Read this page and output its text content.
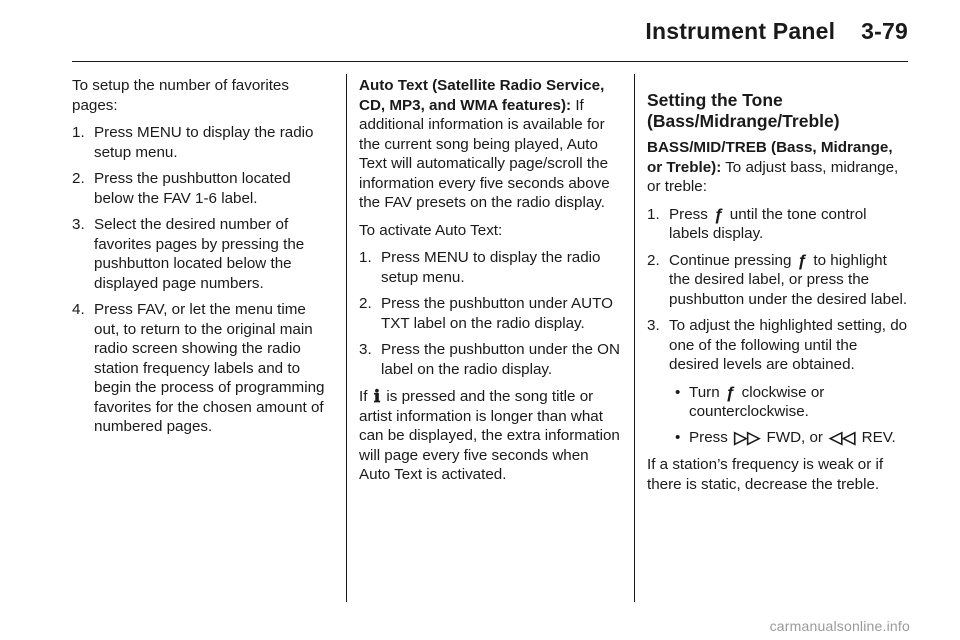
Instrument Panel 3-79

To setup the number of favorites pages:

1. Press MENU to display the radio setup menu.
2. Press the pushbutton located below the FAV 1-6 label.
3. Select the desired number of favorites pages by pressing the pushbutton located below the displayed page numbers.
4. Press FAV, or let the menu time out, to return to the original main radio screen showing the radio station frequency labels and to begin the process of programming favorites for the chosen amount of numbered pages.

Auto Text (Satellite Radio Service, CD, MP3, and WMA features): If additional information is available for the current song being played, Auto Text will automatically page/scroll the information every five seconds above the FAV presets on the radio display.

To activate Auto Text:

1. Press MENU to display the radio setup menu.
2. Press the pushbutton under AUTO TXT label on the radio display.
3. Press the pushbutton under the ON label on the radio display.

If ℹ is pressed and the song title or artist information is longer than what can be displayed, the extra information will page every five seconds when Auto Text is activated.

Setting the Tone (Bass/Midrange/Treble)

BASS/MID/TREB (Bass, Midrange, or Treble): To adjust bass, midrange, or treble:

1. Press ƒ until the tone control labels display.
2. Continue pressing ƒ to highlight the desired label, or press the pushbutton under the desired label.
3. To adjust the highlighted setting, do one of the following until the desired levels are obtained.
• Turn ƒ clockwise or counterclockwise.
• Press ▷▷ FWD, or ◁◁ REV.

If a station’s frequency is weak or if there is static, decrease the treble.

carmanualsonline.info
